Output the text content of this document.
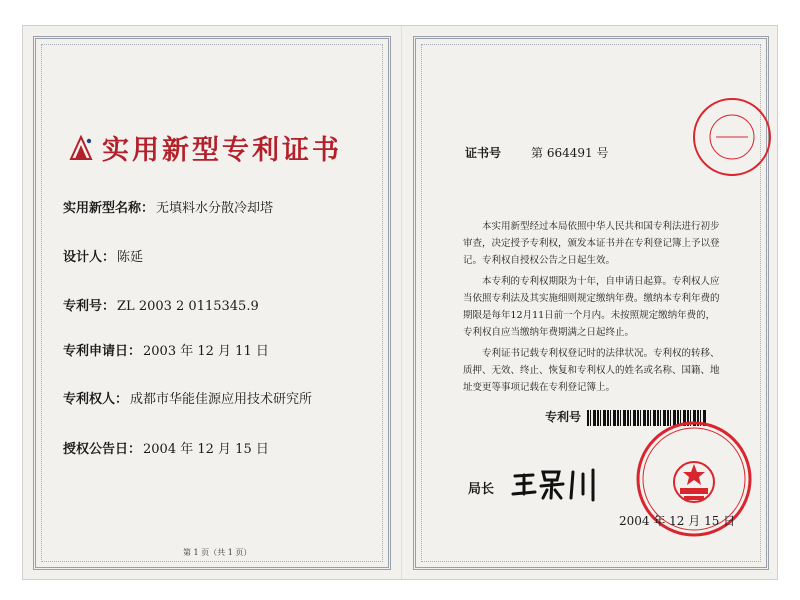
实用新型专利证书
实用新型名称： 无填料水分散冷却塔
设计人： 陈延
专利号： ZL 2003 2 0115345.9
专利申请日： 2003 年 12 月 11 日
专利权人： 成都市华能佳源应用技术研究所
授权公告日： 2004 年 12 月 15 日
第 1 页（共 1 页）
证书号	第 664491 号

本实用新型经过本局依照中华人民共和国专利法进行初步审查，决定授予专利权，颁发本证书并在专利登记簿上予以登记。专利权自授权公告之日起生效。

本专利的专利权期限为十年，自申请日起算。专利权人应当依照专利法及其实施细则规定缴纳年费。缴纳本专利年费的期限是每年12月11日前一个月内。未按照规定缴纳年费的，专利权自应当缴纳年费期满之日起终止。

专利证书记载专利权登记时的法律状况。专利权的转移、质押、无效、终止、恢复和专利权人的姓名或名称、国籍、地址变更等事项记载在专利登记簿上。

专利号
局长
2004 年 12 月 15 日
